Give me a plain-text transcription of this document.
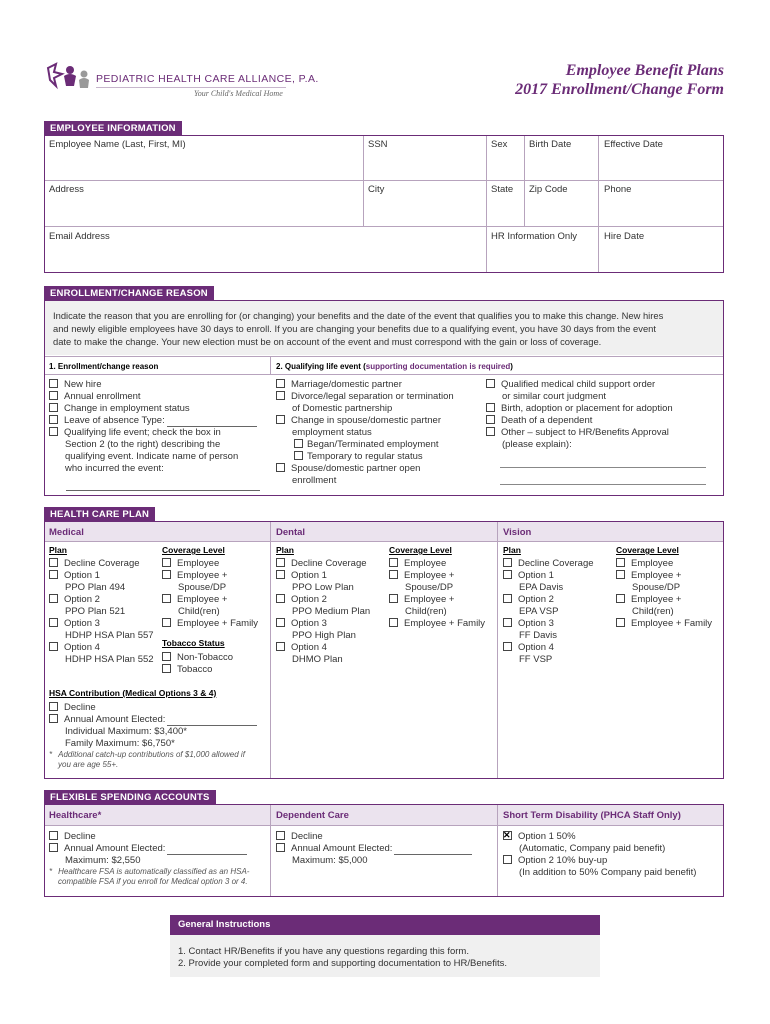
PEDIATRIC HEALTH CARE ALLIANCE, P.A.
Your Child's Medical Home
Employee Benefit Plans
2017 Enrollment/Change Form
EMPLOYEE INFORMATION
Employee Name (Last, First, MI)	SSN	Sex Birth Date	Effective Date
Address	City	State Zip Code	Phone
Email Address	HR Information Only	Hire Date
ENROLLMENT/CHANGE REASON
Indicate the reason that you are enrolling for (or changing) your benefits and the date of the event that qualifies you to make this change. New hires
and newly eligible employees have 30 days to enroll. If you are changing your benefits due to a qualifying event, you have 30 days from the event
date to make the change. Your new election must be on account of the event and must correspond with the gain or loss of coverage.
1. Enrollment/change reason	2. Qualifying life event (supporting documentation is required)
New hire
Annual enrollment
Change in employment status
Leave of absence Type:
Qualifying life event; check the box in
Section 2 (to the right) describing the
qualifying event. Indicate name of person
who incurred the event:
Marriage/domestic partner
Divorce/legal separation or termination
of Domestic partnership
Change in spouse/domestic partner
employment status
Began/Terminated employment
Temporary to regular status
Spouse/domestic partner open
enrollment
Qualified medical child support order
or similar court judgment
Birth, adoption or placement for adoption
Death of a dependent
Other – subject to HR/Benefits Approval
(please explain):
HEALTH CARE PLAN
Medical	Dental	Vision
Plan	Coverage Level
Decline Coverage
Option 1
PPO Plan 494
Option 2
PPO Plan 521
Option 3
HDHP HSA Plan 557
Option 4
HDHP HSA Plan 552
Employee
Employee +
Spouse/DP
Employee +
Child(ren)
Employee + Family
Tobacco Status
Non-Tobacco
Tobacco
HSA Contribution (Medical Options 3 & 4)
Decline
Annual Amount Elected:
Individual Maximum: $3,400*
Family Maximum: $6,750*
* Additional catch-up contributions of $1,000 allowed if
you are age 55+.
Plan	Coverage Level
Decline Coverage
Option 1
PPO Low Plan
Option 2
PPO Medium Plan
Option 3
PPO High Plan
Option 4
DHMO Plan
Employee
Employee +
Spouse/DP
Employee +
Child(ren)
Employee + Family
Plan	Coverage Level
Decline Coverage
Option 1
EPA Davis
Option 2
EPA VSP
Option 3
FF Davis
Option 4
FF VSP
Employee
Employee +
Spouse/DP
Employee +
Child(ren)
Employee + Family
FLEXIBLE SPENDING ACCOUNTS
Healthcare*	Dependent Care	Short Term Disability (PHCA Staff Only)
Decline
Annual Amount Elected:
Maximum: $2,550
* Healthcare FSA is automatically classified as an HSA-
compatible FSA if you enroll for Medical option 3 or 4.
Decline
Annual Amount Elected:
Maximum: $5,000
✕Option 1 50%
(Automatic, Company paid benefit)
Option 2 10% buy-up
(In addition to 50% Company paid benefit)
General Instructions
1. Contact HR/Benefits if you have any questions regarding this form.
2. Provide your completed form and supporting documentation to HR/Benefits.
